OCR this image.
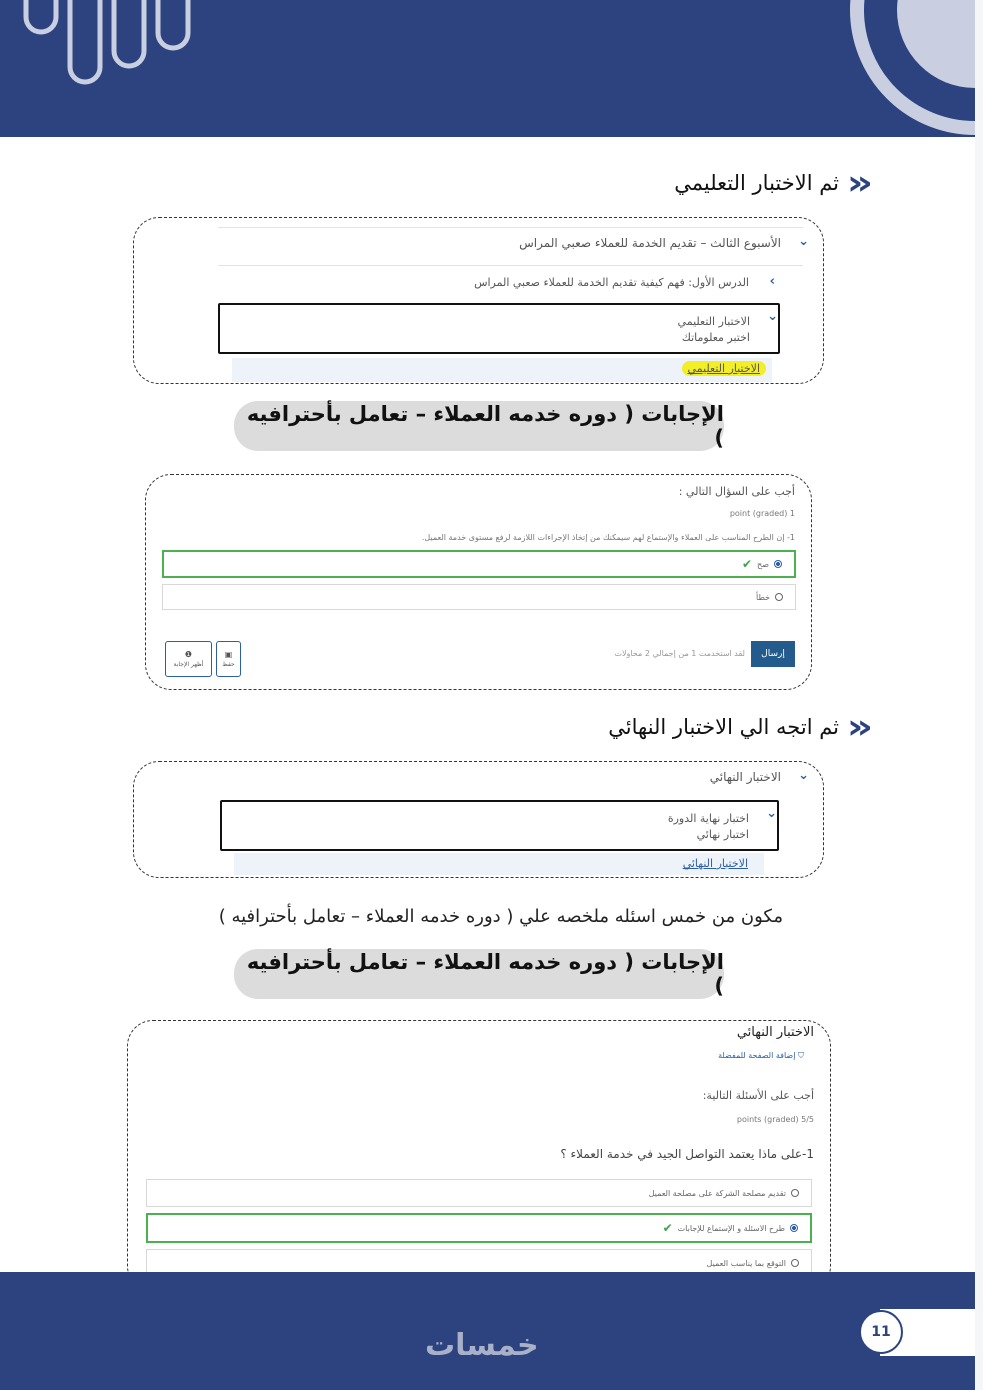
«
ثم الاختبار التعليمي
⌄
الأسبوع الثالث – تقديم الخدمة للعملاء صعبي المراس
›
الدرس الأول: فهم كيفية تقديم الخدمة للعملاء صعبي المراس
⌄
الاختبار التعليمي
اختبر معلوماتك
الاختبار التعليمي
الإجابات ( دوره خدمه العملاء – تعامل بأحترافيه )
أجب على السؤال التالي :
point (graded) 1
1- إن الطرح المناسب على العملاء والإستماع لهم سيمكنك من إتخاذ الإجراءات اللازمة لرفع مستوى خدمة العميل.
صح
✔
خطأ
إرسال
لقد استخدمت 1 من إجمالي 2 محاولات
▣
حفظ
❶
أظهر الإجابة
«
ثم اتجه الي الاختبار النهائي
⌄
الاختبار النهائي
⌄
اختبار نهاية الدورة
اختبار نهائي
الاختبار النهائي
مكون من خمس اسئله ملخصه علي ( دوره خدمه العملاء – تعامل بأحترافيه )
الإجابات ( دوره خدمه العملاء – تعامل بأحترافيه )
الاختبار النهائي
⛉ إضافة الصفحة للمفضلة
أجب على الأسئلة التالية:
points (graded) 5/5
1-على ماذا يعتمد التواصل الجيد في خدمة العملاء ؟
تقديم مصلحة الشركة على مصلحة العميل
طرح الاسئلة و الإستماع للإجابات
✔
التوقع بما يناسب العميل
11
خمسات
